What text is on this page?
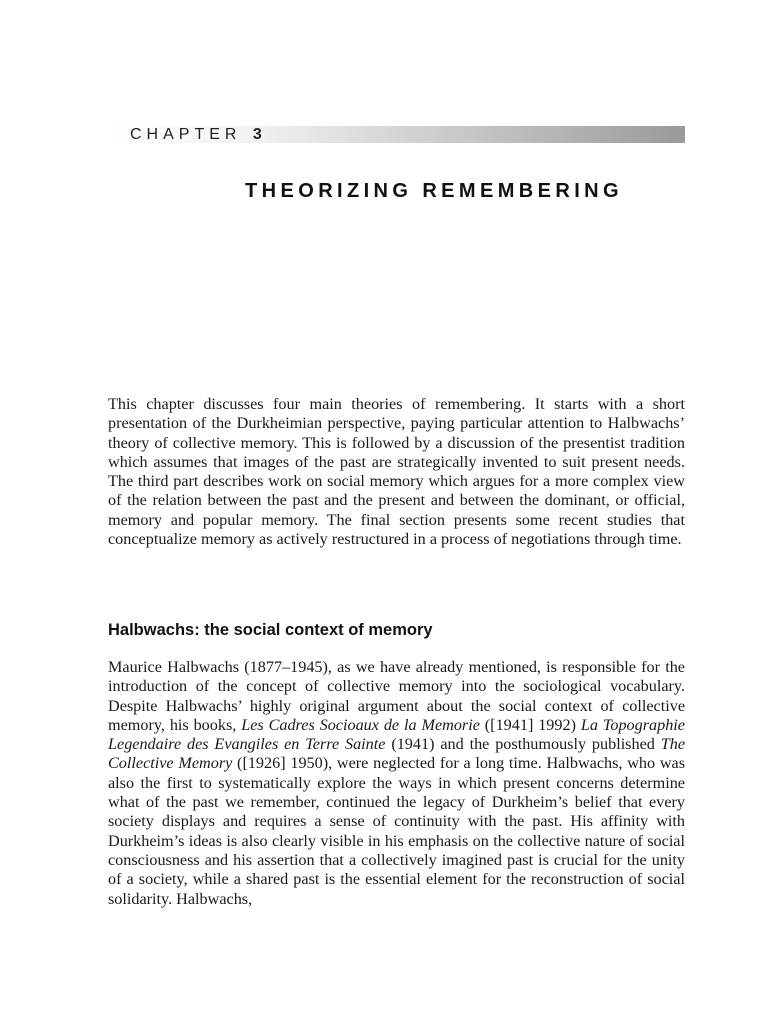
CHAPTER 3
THEORIZING REMEMBERING

This chapter discusses four main theories of remembering. It starts with a short presentation of the Durkheimian perspective, paying particular attention to Halbwachs’ theory of collective memory. This is followed by a discussion of the presentist tradition which assumes that images of the past are strategically invented to suit present needs. The third part describes work on social memory which argues for a more complex view of the relation between the past and the present and between the dominant, or official, memory and popular memory. The final section presents some recent studies that conceptualize memory as actively restructured in a process of negotiations through time.

Halbwachs: the social context of memory

Maurice Halbwachs (1877–1945), as we have already mentioned, is responsible for the introduction of the concept of collective memory into the sociological vocabulary. Despite Halbwachs’ highly original argument about the social context of collective memory, his books, Les Cadres Socioaux de la Memorie ([1941] 1992) La Topographie Legendaire des Evangiles en Terre Sainte (1941) and the posthumously published The Collective Memory ([1926] 1950), were neglected for a long time. Halbwachs, who was also the first to systematically explore the ways in which present concerns determine what of the past we remember, continued the legacy of Durkheim’s belief that every society displays and requires a sense of continuity with the past. His affinity with Durkheim’s ideas is also clearly visible in his emphasis on the collective nature of social consciousness and his assertion that a collectively imagined past is crucial for the unity of a society, while a shared past is the essential element for the reconstruction of social solidarity. Halbwachs,
